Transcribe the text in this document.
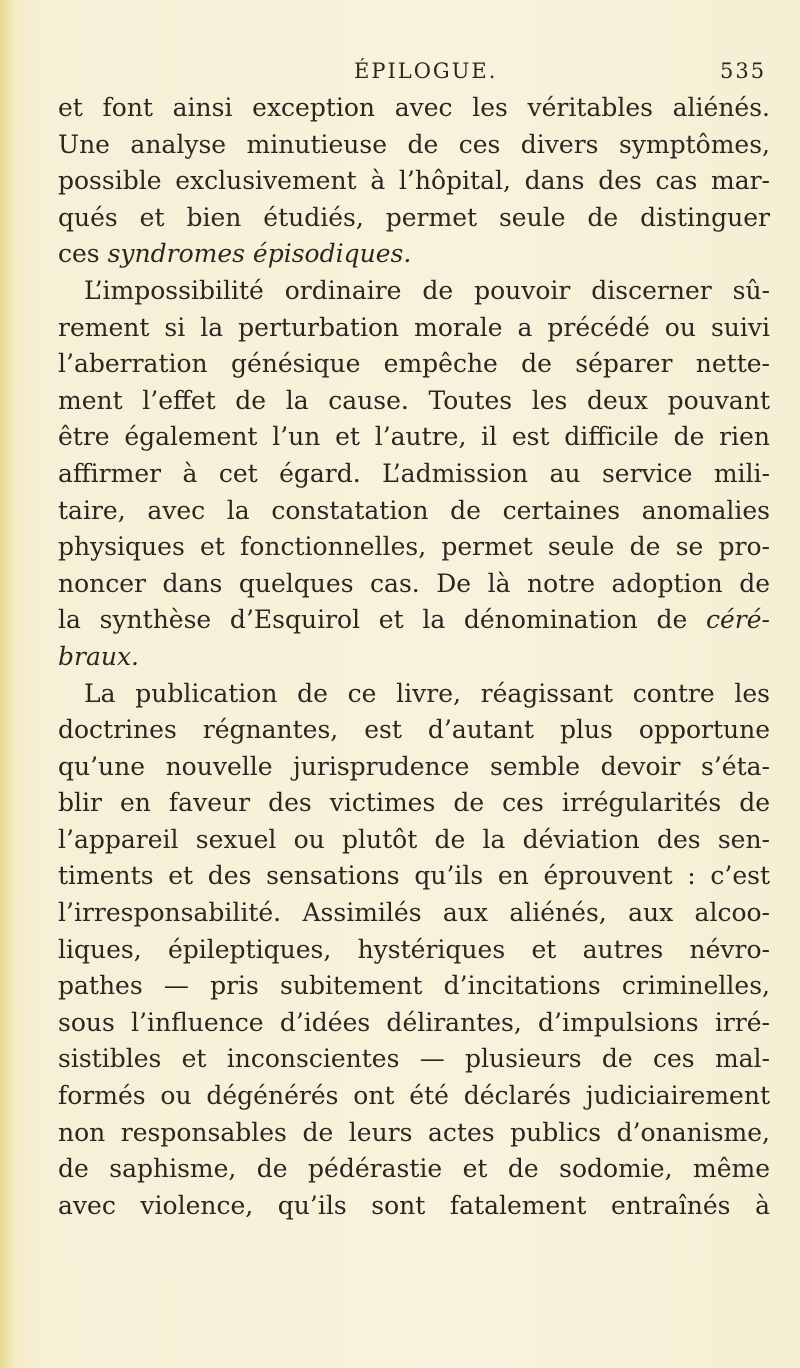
ÉPILOGUE.	535
et font ainsi exception avec les véritables aliénés.
Une analyse minutieuse de ces divers symptômes,
possible exclusivement à l’hôpital, dans des cas mar-
qués et bien étudiés, permet seule de distinguer
ces syndromes épisodiques.
L’impossibilité ordinaire de pouvoir discerner sû-
rement si la perturbation morale a précédé ou suivi
l’aberration génésique empêche de séparer nette-
ment l’effet de la cause. Toutes les deux pouvant
être également l’un et l’autre, il est difficile de rien
affirmer à cet égard. L’admission au service mili-
taire, avec la constatation de certaines anomalies
physiques et fonctionnelles, permet seule de se pro-
noncer dans quelques cas. De là notre adoption de
la synthèse d’Esquirol et la dénomination de céré-
braux.
La publication de ce livre, réagissant contre les
doctrines régnantes, est d’autant plus opportune
qu’une nouvelle jurisprudence semble devoir s’éta-
blir en faveur des victimes de ces irrégularités de
l’appareil sexuel ou plutôt de la déviation des sen-
timents et des sensations qu’ils en éprouvent : c’est
l’irresponsabilité. Assimilés aux aliénés, aux alcoo-
liques, épileptiques, hystériques et autres névro-
pathes — pris subitement d’incitations criminelles,
sous l’influence d’idées délirantes, d’impulsions irré-
sistibles et inconscientes — plusieurs de ces mal-
formés ou dégénérés ont été déclarés judiciairement
non responsables de leurs actes publics d’onanisme,
de saphisme, de pédérastie et de sodomie, même
avec violence, qu’ils sont fatalement entraînés à
